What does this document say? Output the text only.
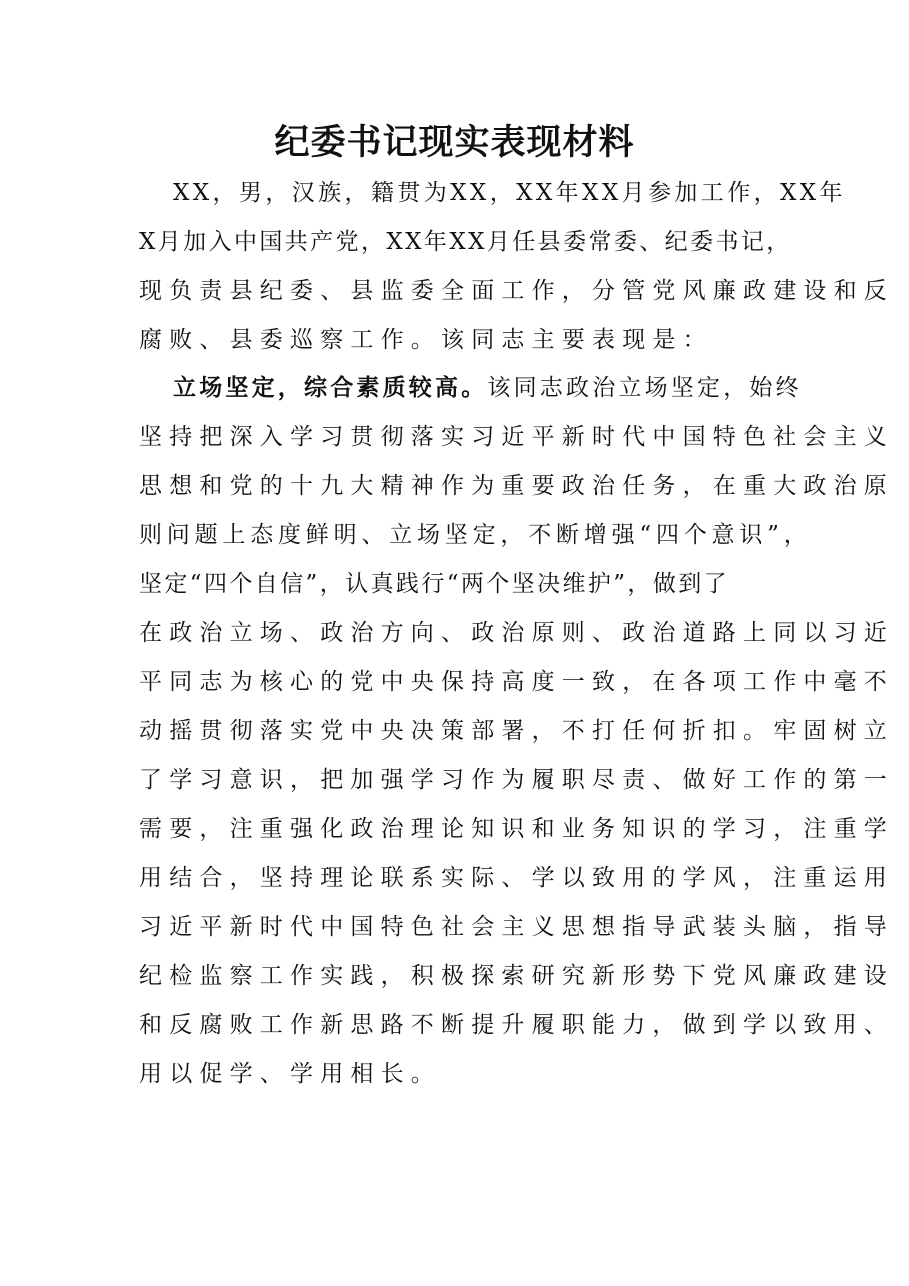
纪委书记现实表现材料
XX，男，汉族，籍贯为XX，XX年XX月参加工作，XX年
X月加入中国共产党，XX年XX月任县委常委、纪委书记，
现负责县纪委、县监委全面工作，分管党风廉政建设和反
腐败、县委巡察工作。该同志主要表现是：
立场坚定，综合素质较高。该同志政治立场坚定，始终
坚持把深入学习贯彻落实习近平新时代中国特色社会主义
思想和党的十九大精神作为重要政治任务，在重大政治原
则问题上态度鲜明、立场坚定，不断增强“四个意识”，
坚定“四个自信”，认真践行“两个坚决维护”，做到了
在政治立场、政治方向、政治原则、政治道路上同以习近
平同志为核心的党中央保持高度一致，在各项工作中毫不
动摇贯彻落实党中央决策部署，不打任何折扣。牢固树立
了学习意识，把加强学习作为履职尽责、做好工作的第一
需要，注重强化政治理论知识和业务知识的学习，注重学
用结合，坚持理论联系实际、学以致用的学风，注重运用
习近平新时代中国特色社会主义思想指导武装头脑，指导
纪检监察工作实践，积极探索研究新形势下党风廉政建设
和反腐败工作新思路不断提升履职能力，做到学以致用、
用以促学、学用相长。
